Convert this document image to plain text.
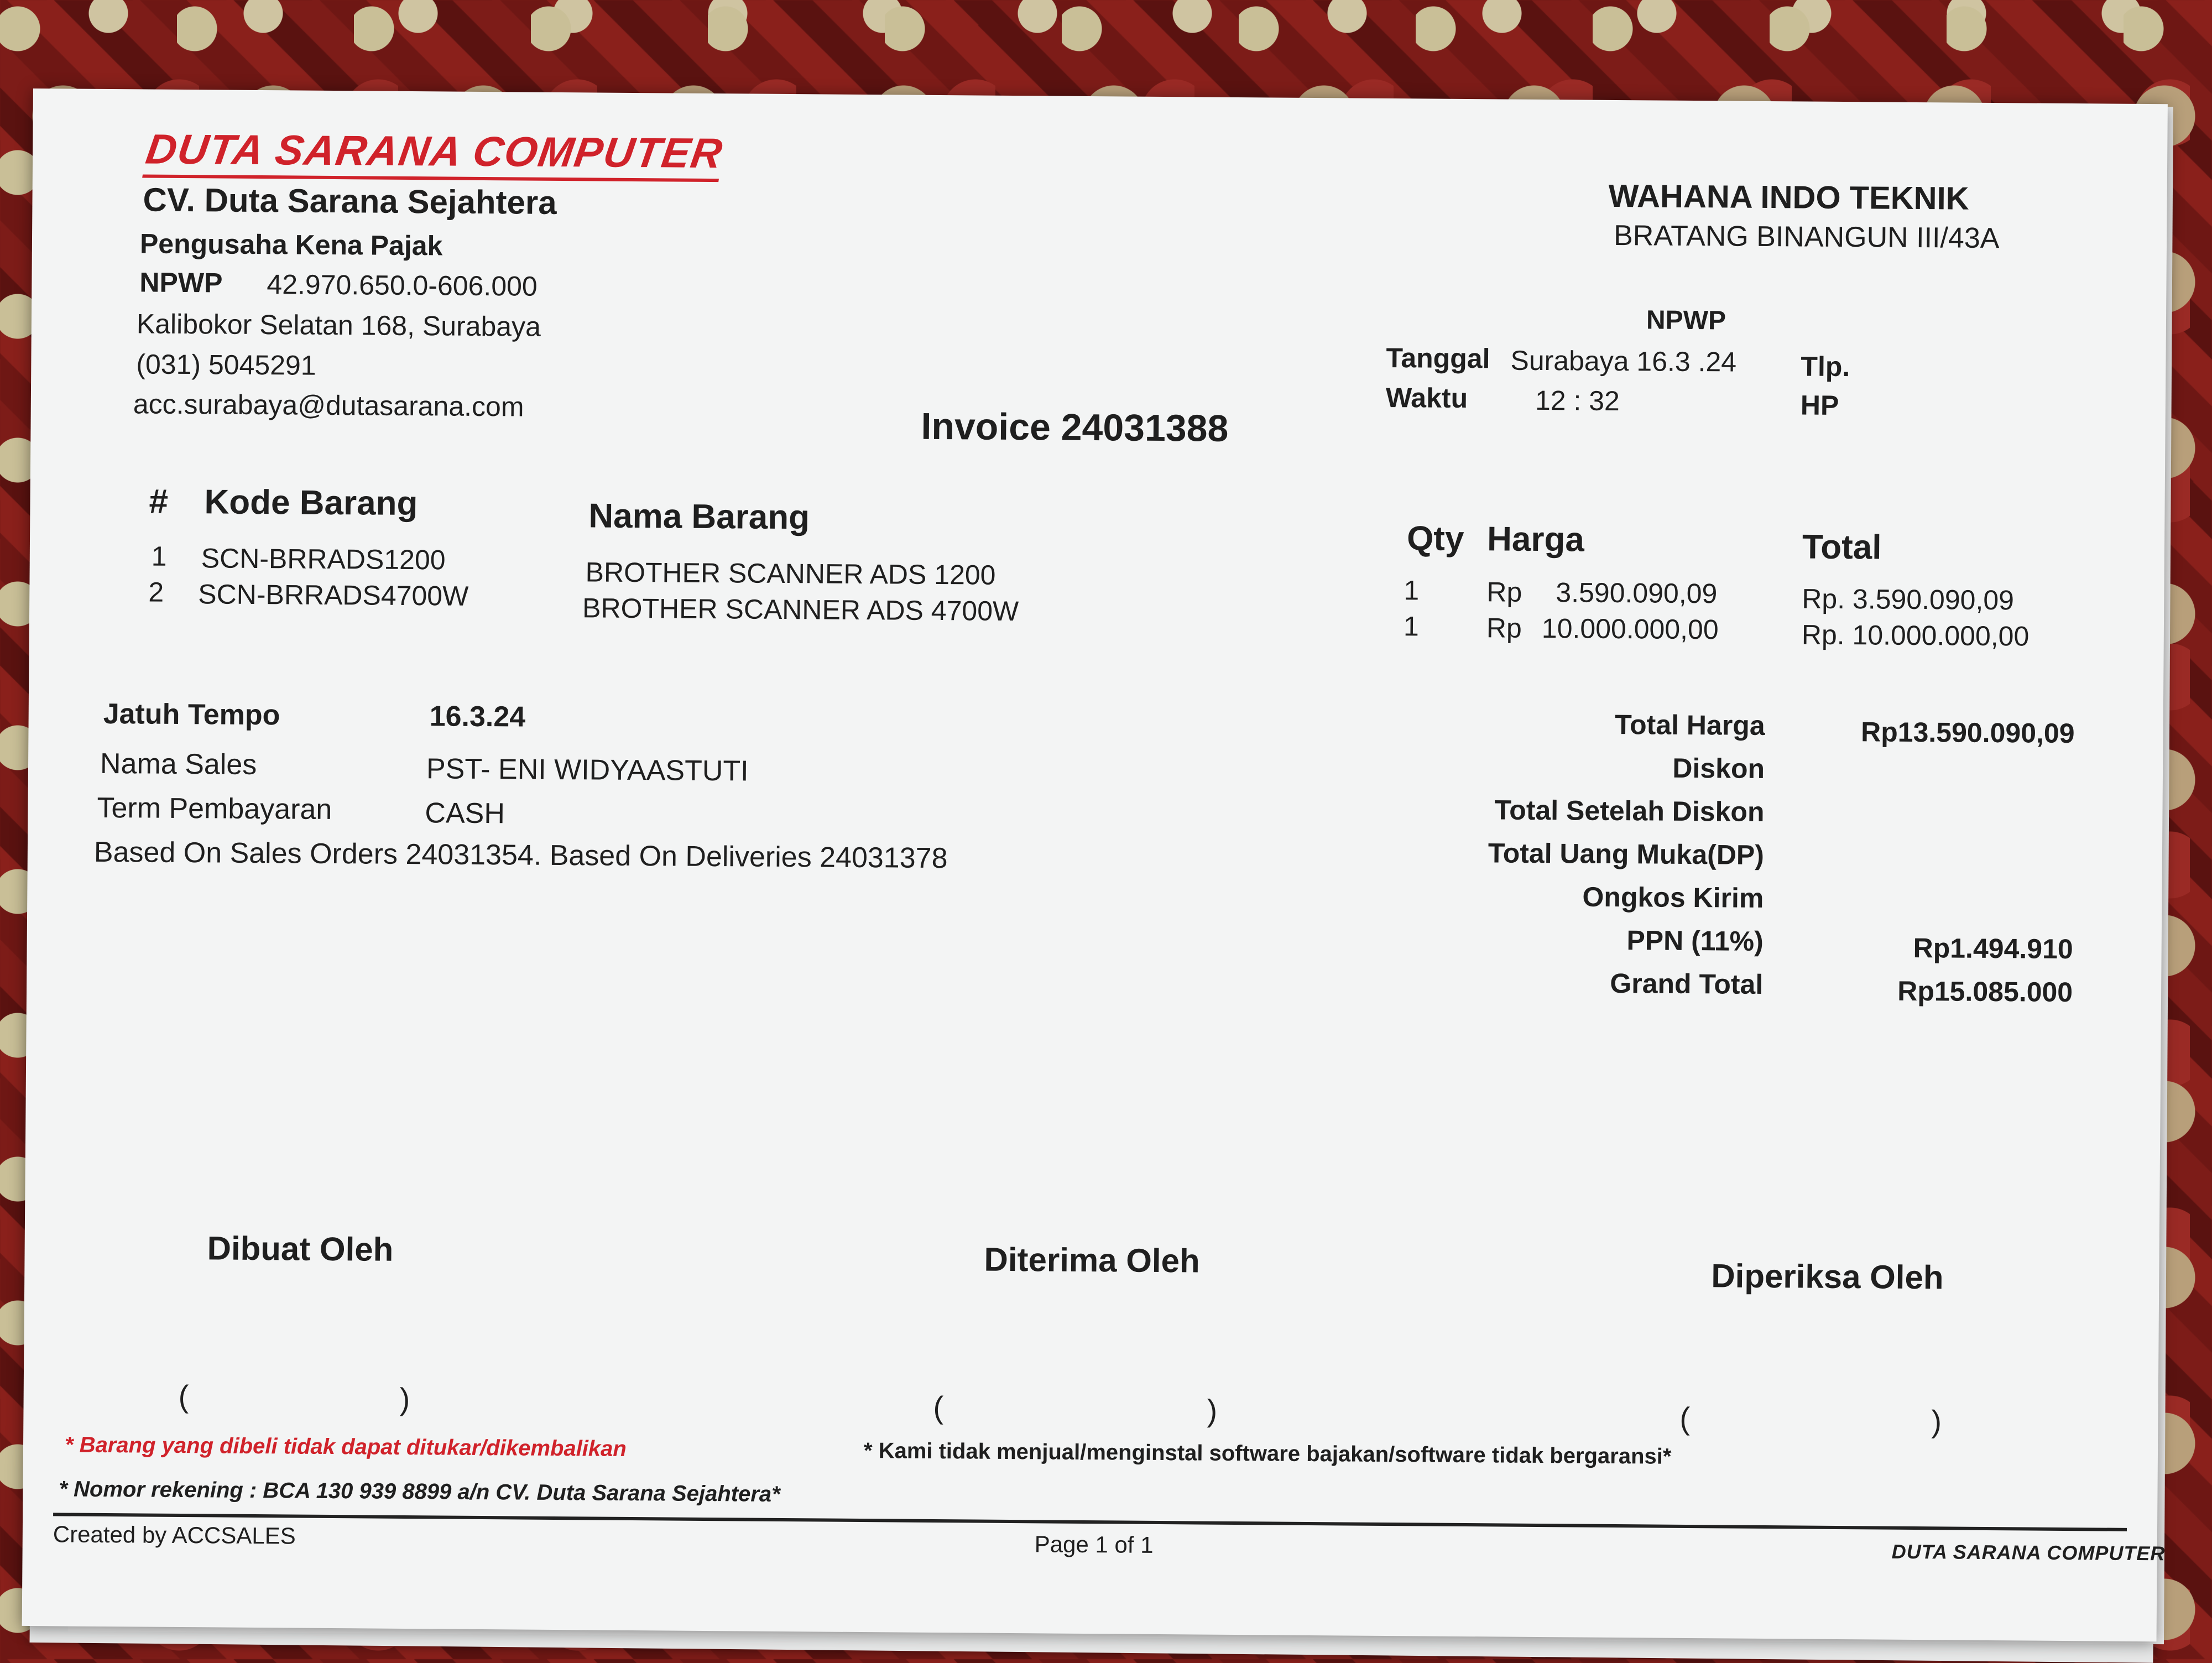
DUTA SARANA COMPUTER
CV. Duta Sarana Sejahtera
Pengusaha Kena Pajak
NPWP 42.970.650.0-606.000
Kalibokor Selatan 168, Surabaya
(031) 5045291
acc.surabaya@dutasarana.com
WAHANA INDO TEKNIK
BRATANG BINANGUN III/43A
NPWP
Tanggal Surabaya 16.3 .24 Tlp.
Waktu 12 : 32	HP
Invoice 24031388
# Kode Barang	Nama Barang
Qty Harga	Total
1 SCN-BRRADS1200	BROTHER SCANNER ADS 1200	1 Rp 3.590.090,09	Rp. 3.590.090,09
2 SCN-BRRADS4700W	BROTHER SCANNER ADS 4700W	1 Rp 10.000.000,00	Rp. 10.000.000,00
Jatuh Tempo	16.3.24
Nama Sales	PST- ENI WIDYAASTUTI
Term Pembayaran	CASH
Based On Sales Orders 24031354. Based On Deliveries 24031378
Total Harga	Rp13.590.090,09
Diskon
Total Setelah Diskon
Total Uang Muka(DP)
Ongkos Kirim
PPN (11%)	Rp1.494.910
Grand Total	Rp15.085.000
Dibuat Oleh	Diterima Oleh	Diperiksa Oleh
(	)	(	)	(	)
* Barang yang dibeli tidak dapat ditukar/dikembalikan	* Kami tidak menjual/menginstal software bajakan/software tidak bergaransi*
* Nomor rekening : BCA 130 939 8899 a/n CV. Duta Sarana Sejahtera*
Created by ACCSALES	Page 1 of 1	DUTA SARANA COMPUTER
